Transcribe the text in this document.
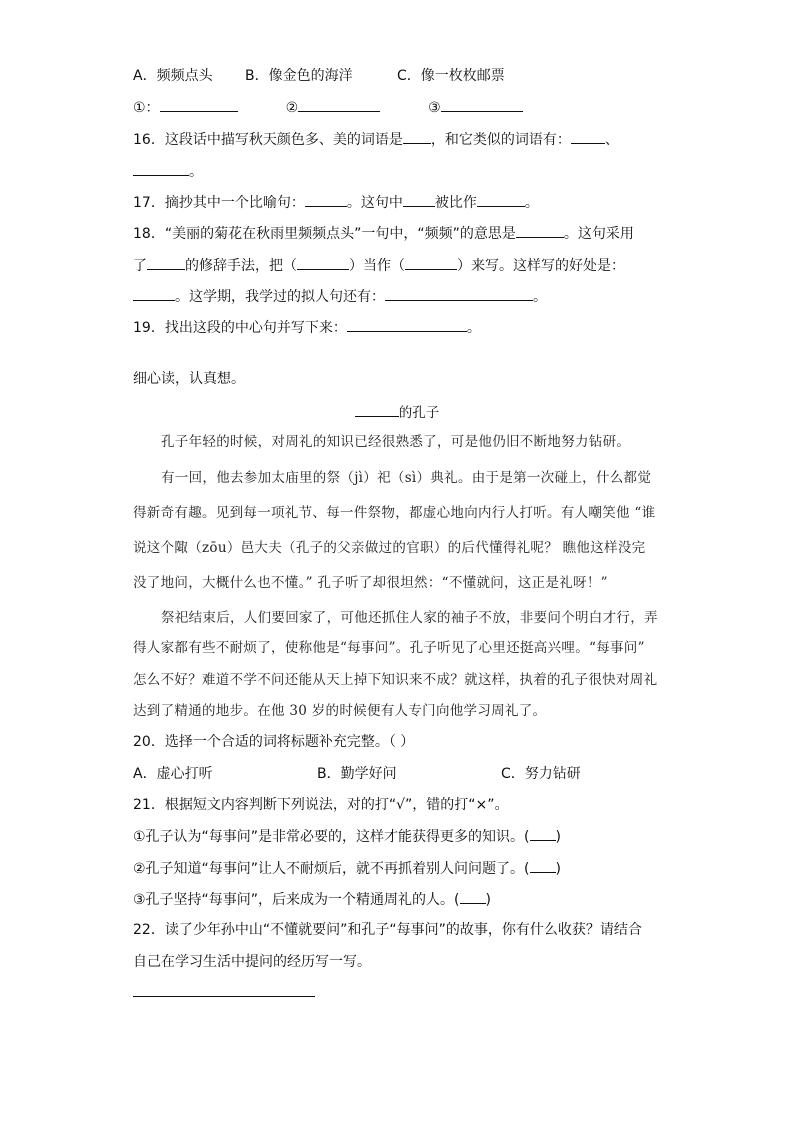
A．频频点头 B．像金色的海洋	C．像一枚枚邮票
①：	②	③
16．这段话中描写秋天颜色多、美的词语是 ，和它类似的词语有： 、
。
17．摘抄其中一个比喻句：	。这句中 被比作	。
18．“美丽的菊花在秋雨里频频点头”一句中，“频频”的意思是	。这句采用
了	的修辞手法，把（	）当作（	）来写。这样写的好处是：
。这学期，我学过的拟人句还有：	。
19．找出这段的中心句并写下来：	。
细心读，认真想。
的孔子
孔子年轻的时候，对周礼的知识已经很熟悉了，可是他仍旧不断地努力钻研。
有一回，他去参加太庙里的祭（jì）祀（sì）典礼。由于是第一次碰上，什么都觉
得新奇有趣。见到每一项礼节、每一件祭物，都虚心地向内行人打听。有人嘲笑他 “谁
说这个陬（zōu）邑大夫（孔子的父亲做过的官职）的后代懂得礼呢？ 瞧他这样没完
没了地问，大概什么也不懂。” 孔子听了却很坦然：“不懂就问，这正是礼呀！”
祭祀结束后，人们要回家了，可他还抓住人家的袖子不放，非要问个明白才行，弄
得人家都有些不耐烦了，使称他是“每事问”。孔子听见了心里还挺高兴哩。“每事问”
怎么不好？难道不学不问还能从天上掉下知识来不成？就这样，执着的孔子很快对周礼
达到了精通的地步。在他 30 岁的时候便有人专门向他学习周礼了。
20．选择一个合适的词将标题补充完整。（ ）
A．虚心打听	B．勤学好问	C．努力钻研
21．根据短文内容判断下列说法，对的打“√”，错的打“×”。
①孔子认为“每事问”是非常必要的，这样才能获得更多的知识。( )
②孔子知道“每事问”让人不耐烦后，就不再抓着别人问问题了。( )
③孔子坚持“每事问”，后来成为一个精通周礼的人。( )
22．读了少年孙中山“不懂就要问”和孔子“每事问”的故事，你有什么收获？请结合
自己在学习生活中提问的经历写一写。
